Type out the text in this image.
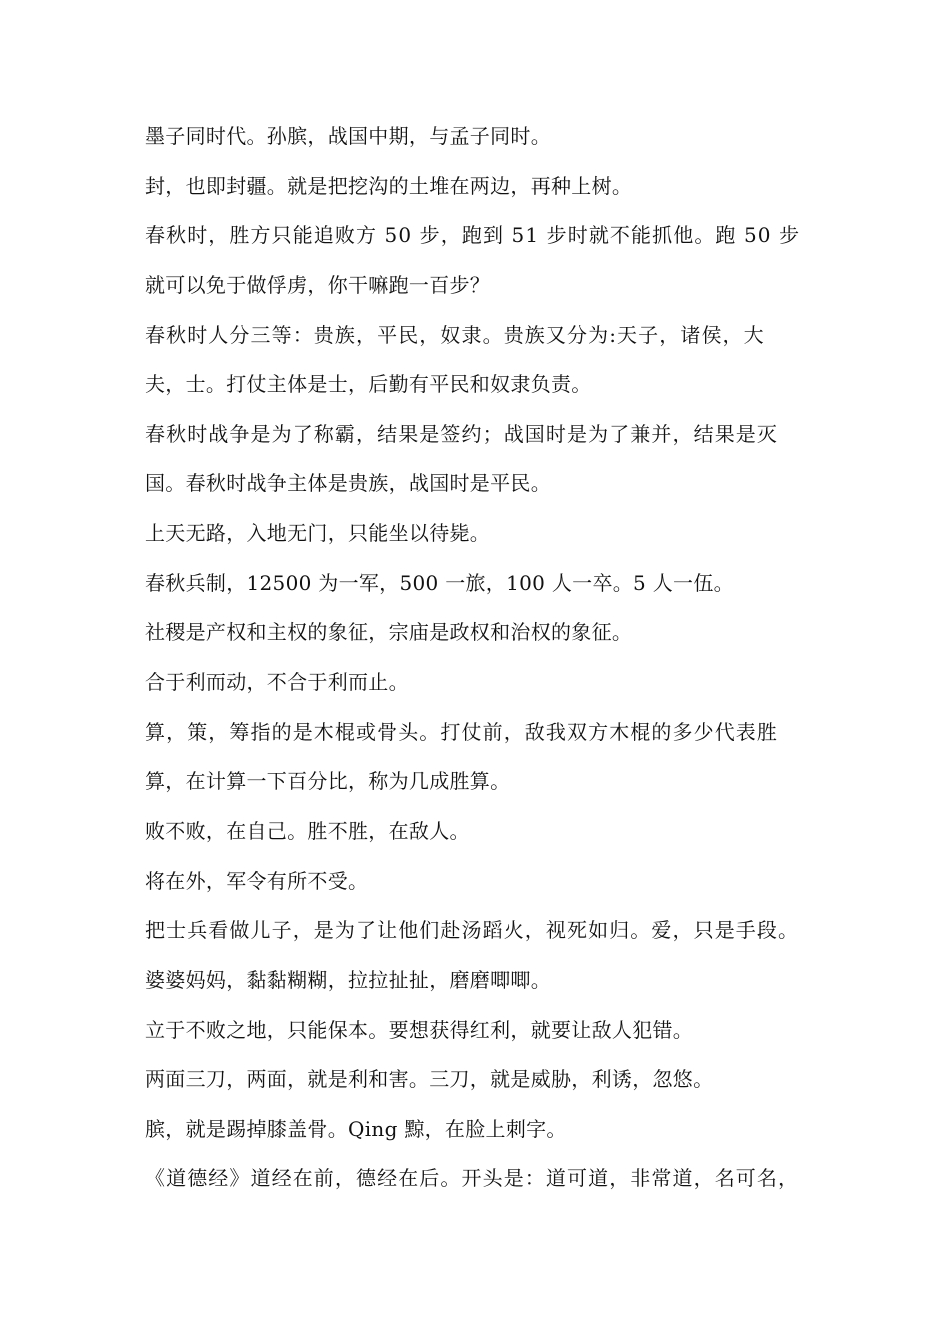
墨子同时代。孙膑，战国中期，与孟子同时。
封，也即封疆。就是把挖沟的土堆在两边，再种上树。
春秋时，胜方只能追败方 50 步，跑到 51 步时就不能抓他。跑 50 步
就可以免于做俘虏，你干嘛跑一百步？
春秋时人分三等：贵族，平民，奴隶。贵族又分为:天子，诸侯，大
夫，士。打仗主体是士，后勤有平民和奴隶负责。
春秋时战争是为了称霸，结果是签约；战国时是为了兼并，结果是灭
国。春秋时战争主体是贵族，战国时是平民。
上天无路，入地无门，只能坐以待毙。
春秋兵制，12500 为一军，500 一旅，100 人一卒。5 人一伍。
社稷是产权和主权的象征，宗庙是政权和治权的象征。
合于利而动，不合于利而止。
算，策，筹指的是木棍或骨头。打仗前，敌我双方木棍的多少代表胜
算，在计算一下百分比，称为几成胜算。
败不败，在自己。胜不胜，在敌人。
将在外，军令有所不受。
把士兵看做儿子，是为了让他们赴汤蹈火，视死如归。爱，只是手段。
婆婆妈妈，黏黏糊糊，拉拉扯扯，磨磨唧唧。
立于不败之地，只能保本。要想获得红利，就要让敌人犯错。
两面三刀，两面，就是利和害。三刀，就是威胁，利诱，忽悠。
膑，就是踢掉膝盖骨。Qing 黥，在脸上刺字。
《道德经》道经在前，德经在后。开头是：道可道，非常道，名可名，
